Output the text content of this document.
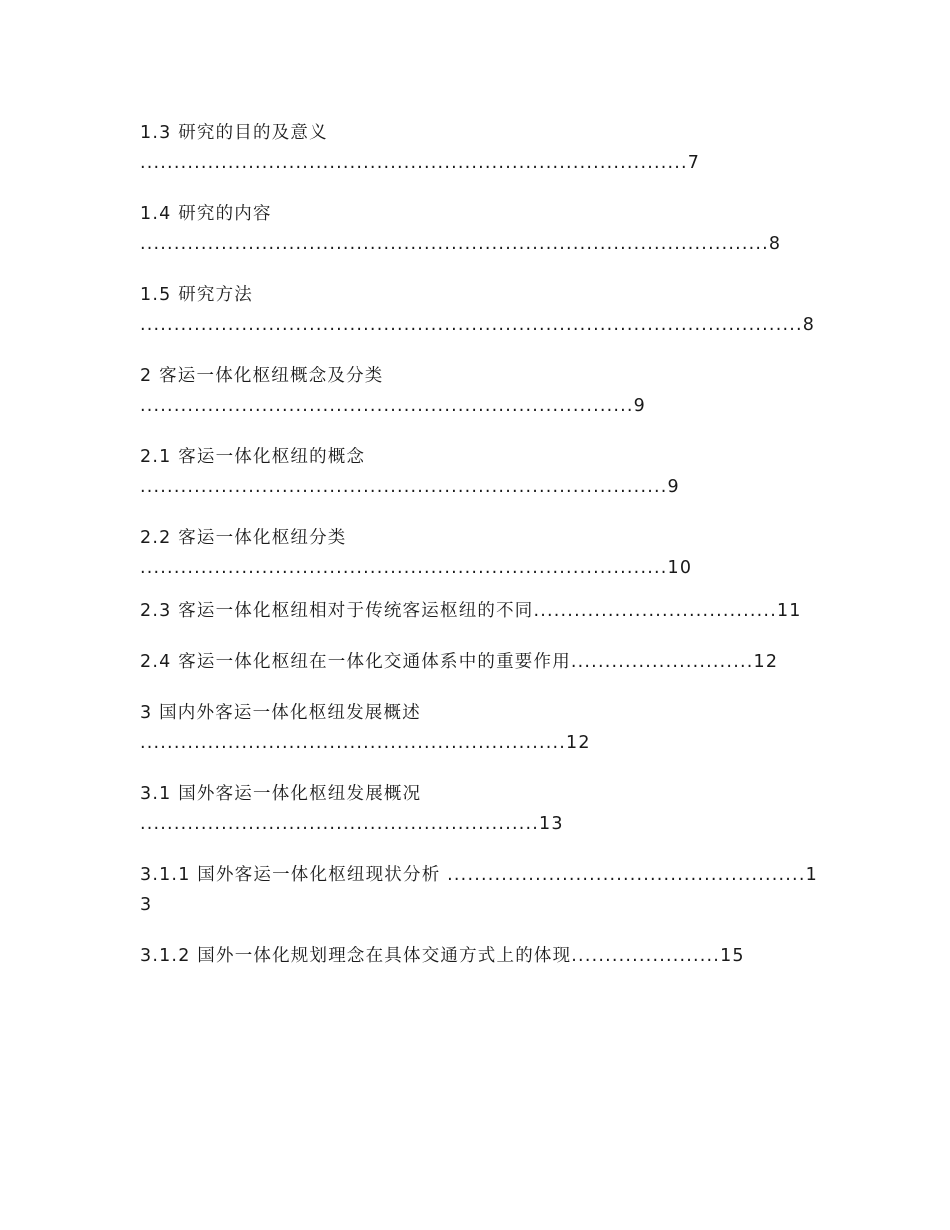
1.3 研究的目的及意义 .................................................................................7
1.4 研究的内容 .............................................................................................8
1.5 研究方法 ..................................................................................................8
2 客运一体化枢纽概念及分类 .........................................................................9
2.1 客运一体化枢纽的概念 ..............................................................................9
2.2 客运一体化枢纽分类 ..............................................................................10
2.3 客运一体化枢纽相对于传统客运枢纽的不同....................................11
2.4 客运一体化枢纽在一体化交通体系中的重要作用...........................12
3 国内外客运一体化枢纽发展概述 ...............................................................12
3.1 国外客运一体化枢纽发展概况 ...........................................................13
3.1.1 国外客运一体化枢纽现状分析 .....................................................13
3.1.2 国外一体化规划理念在具体交通方式上的体现......................15
